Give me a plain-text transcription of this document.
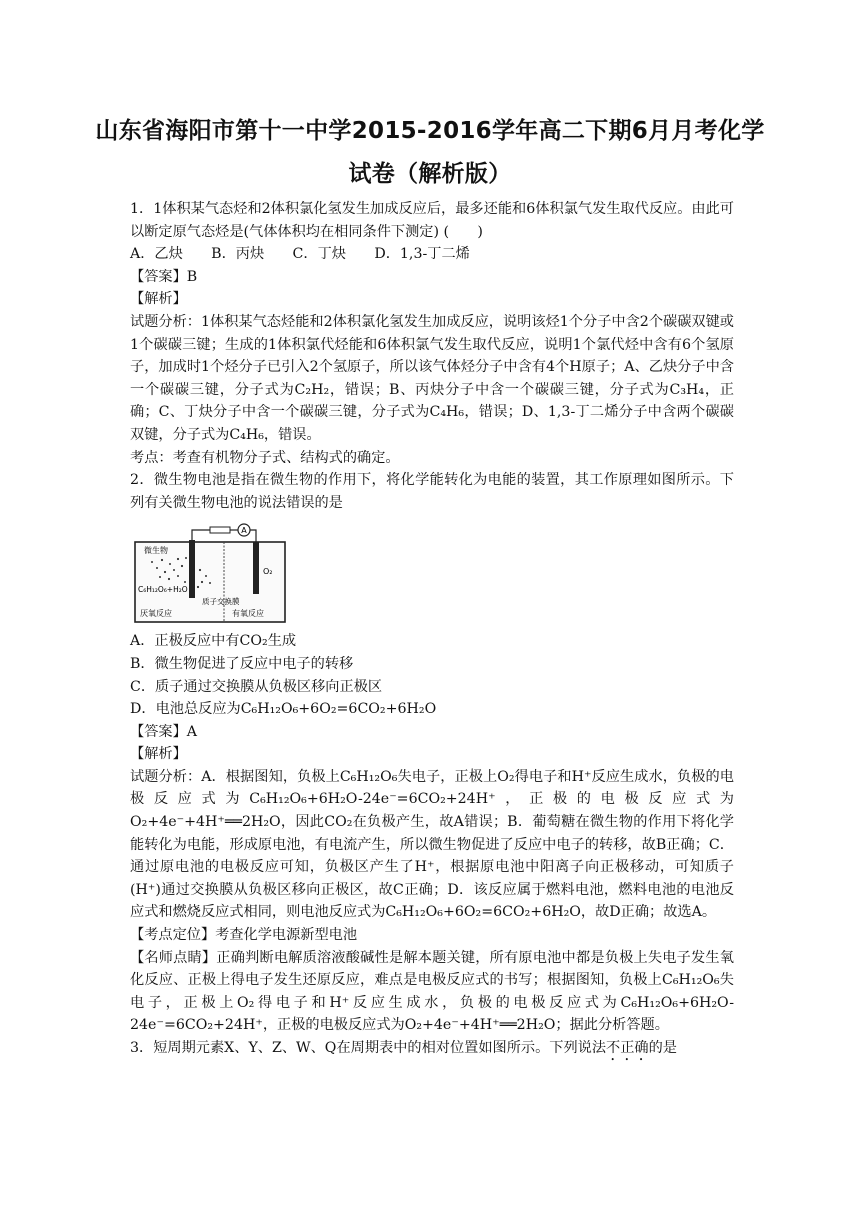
山东省海阳市第十一中学2015-2016学年高二下期6月月考化学
试卷（解析版）

1．1体积某气态烃和2体积氯化氢发生加成反应后，最多还能和6体积氯气发生取代反应。由此可以断定原气态烃是(气体体积均在相同条件下测定) (　　)

A．乙炔　　B．丙炔　　C．丁炔　　D．1,3-丁二烯

【答案】B

【解析】

试题分析：1体积某气态烃能和2体积氯化氢发生加成反应，说明该烃1个分子中含2个碳碳双键或1个碳碳三键；生成的1体积氯代烃能和6体积氯气发生取代反应，说明1个氯代烃中含有6个氢原子，加成时1个烃分子已引入2个氢原子，所以该气体烃分子中含有4个H原子；A、乙炔分子中含一个碳碳三键，分子式为C₂H₂，错误；B、丙炔分子中含一个碳碳三键，分子式为C₃H₄，正确；C、丁炔分子中含一个碳碳三键，分子式为C₄H₆，错误；D、1,3-丁二烯分子中含两个碳碳双键，分子式为C₄H₆，错误。

考点：考查有机物分子式、结构式的确定。

2．微生物电池是指在微生物的作用下，将化学能转化为电能的装置，其工作原理如图所示。下列有关微生物电池的说法错误的是

A
微生物
C₆H₁₂O₆+H₂O
O₂
质子交换膜
厌氧反应	有氧反应

A．正极反应中有CO₂生成

B．微生物促进了反应中电子的转移

C．质子通过交换膜从负极区移向正极区

D．电池总反应为C₆H₁₂O₆+6O₂=6CO₂+6H₂O

【答案】A

【解析】

试题分析：A．根据图知，负极上C₆H₁₂O₆失电子，正极上O₂得电子和H⁺反应生成水，负极的电极反应式为C₆H₁₂O₆+6H₂O-24e⁻=6CO₂+24H⁺，正极的电极反应式为O₂+4e⁻+4H⁺══2H₂O，因此CO₂在负极产生，故A错误；B．葡萄糖在微生物的作用下将化学能转化为电能，形成原电池，有电流产生，所以微生物促进了反应中电子的转移，故B正确；C．通过原电池的电极反应可知，负极区产生了H⁺，根据原电池中阳离子向正极移动，可知质子(H⁺)通过交换膜从负极区移向正极区，故C正确；D．该反应属于燃料电池，燃料电池的电池反应式和燃烧反应式相同，则电池反应式为C₆H₁₂O₆+6O₂=6CO₂+6H₂O，故D正确；故选A。

【考点定位】考查化学电源新型电池

【名师点睛】正确判断电解质溶液酸碱性是解本题关键，所有原电池中都是负极上失电子发生氧化反应、正极上得电子发生还原反应，难点是电极反应式的书写；根据图知，负极上C₆H₁₂O₆失电子，正极上O₂得电子和H⁺反应生成水，负极的电极反应式为C₆H₁₂O₆+6H₂O-24e⁻=6CO₂+24H⁺，正极的电极反应式为O₂+4e⁻+4H⁺══2H₂O；据此分析答题。

3．短周期元素X、Y、Z、W、Q在周期表中的相对位置如图所示。下列说法不正确的是
